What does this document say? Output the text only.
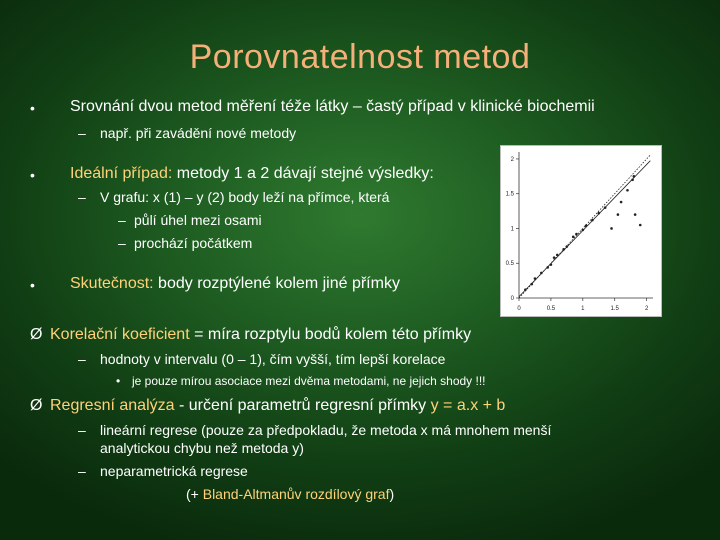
Porovnatelnost metod
• Srovnání dvou metod měření téže látky – častý případ v klinické biochemii
– např. při zavádění nové metody
• Ideální případ: metody 1 a 2 dávají stejné výsledky:
– V grafu: x (1) – y (2) body leží na přímce, která
– půlí úhel mezi osami
– prochází počátkem
• Skutečnost: body rozptýlené kolem jiné přímky
0	0.5	1	1.5	2
0
0.5
1
1.5
2
Ø Korelační koeficient = míra rozptylu bodů kolem této přímky
– hodnoty v intervalu (0 – 1), čím vyšší, tím lepší korelace
• je pouze mírou asociace mezi dvěma metodami, ne jejich shody !!!
Ø Regresní analýza - určení parametrů regresní přímky y = a.x + b
– lineární regrese (pouze za předpokladu, že metoda x má mnohem menší
analytickou chybu než metoda y)
– neparametrická regrese
(+ Bland-Altmanův rozdílový graf)
